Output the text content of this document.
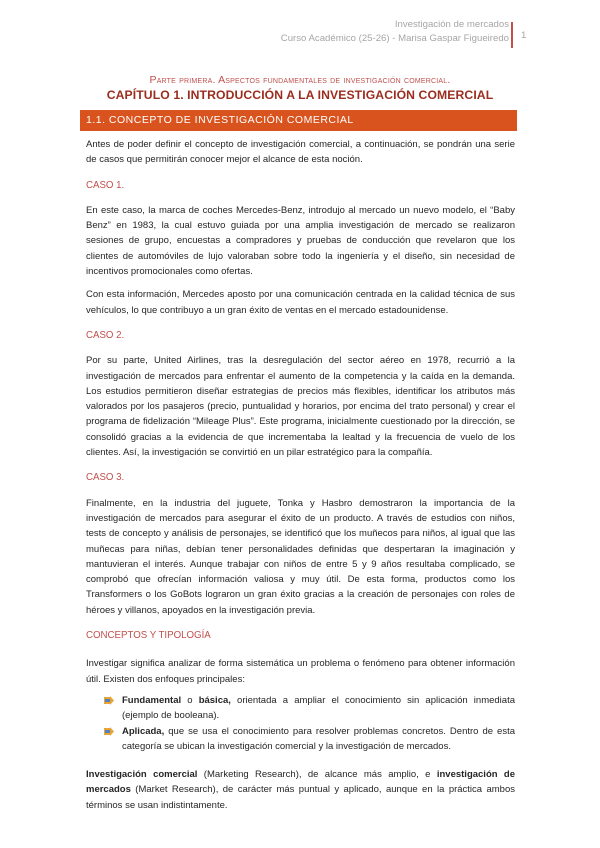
Investigación de mercados
Curso Académico (25-26) - Marisa Gaspar Figueiredo 1
Parte primera. Aspectos fundamentales de investigación comercial.
CAPÍTULO 1. INTRODUCCIÓN A LA INVESTIGACIÓN COMERCIAL
1.1. CONCEPTO DE INVESTIGACIÓN COMERCIAL

Antes de poder definir el concepto de investigación comercial, a continuación, se pondrán una serie de casos que permitirán conocer mejor el alcance de esta noción.

CASO 1.

En este caso, la marca de coches Mercedes-Benz, introdujo al mercado un nuevo modelo, el “Baby Benz” en 1983, la cual estuvo guiada por una amplia investigación de mercado se realizaron sesiones de grupo, encuestas a compradores y pruebas de conducción que revelaron que los clientes de automóviles de lujo valoraban sobre todo la ingeniería y el diseño, sin necesidad de incentivos promocionales como ofertas.

Con esta información, Mercedes aposto por una comunicación centrada en la calidad técnica de sus vehículos, lo que contribuyo a un gran éxito de ventas en el mercado estadounidense.

CASO 2.

Por su parte, United Airlines, tras la desregulación del sector aéreo en 1978, recurrió a la investigación de mercados para enfrentar el aumento de la competencia y la caída en la demanda. Los estudios permitieron diseñar estrategias de precios más flexibles, identificar los atributos más valorados por los pasajeros (precio, puntualidad y horarios, por encima del trato personal) y crear el programa de fidelización “Mileage Plus”. Este programa, inicialmente cuestionado por la dirección, se consolidó gracias a la evidencia de que incrementaba la lealtad y la frecuencia de vuelo de los clientes. Así, la investigación se convirtió en un pilar estratégico para la compañía.

CASO 3.

Finalmente, en la industria del juguete, Tonka y Hasbro demostraron la importancia de la investigación de mercados para asegurar el éxito de un producto. A través de estudios con niños, tests de concepto y análisis de personajes, se identificó que los muñecos para niños, al igual que las muñecas para niñas, debían tener personalidades definidas que despertaran la imaginación y mantuvieran el interés. Aunque trabajar con niños de entre 5 y 9 años resultaba complicado, se comprobó que ofrecían información valiosa y muy útil. De esta forma, productos como los Transformers o los GoBots lograron un gran éxito gracias a la creación de personajes con roles de héroes y villanos, apoyados en la investigación previa.

CONCEPTOS Y TIPOLOGÍA

Investigar significa analizar de forma sistemática un problema o fenómeno para obtener información útil. Existen dos enfoques principales:

Fundamental o básica, orientada a ampliar el conocimiento sin aplicación inmediata (ejemplo de booleana).
Aplicada, que se usa el conocimiento para resolver problemas concretos. Dentro de esta categoría se ubican la investigación comercial y la investigación de mercados.

Investigación comercial (Marketing Research), de alcance más amplio, e investigación de mercados (Market Research), de carácter más puntual y aplicado, aunque en la práctica ambos términos se usan indistintamente.
